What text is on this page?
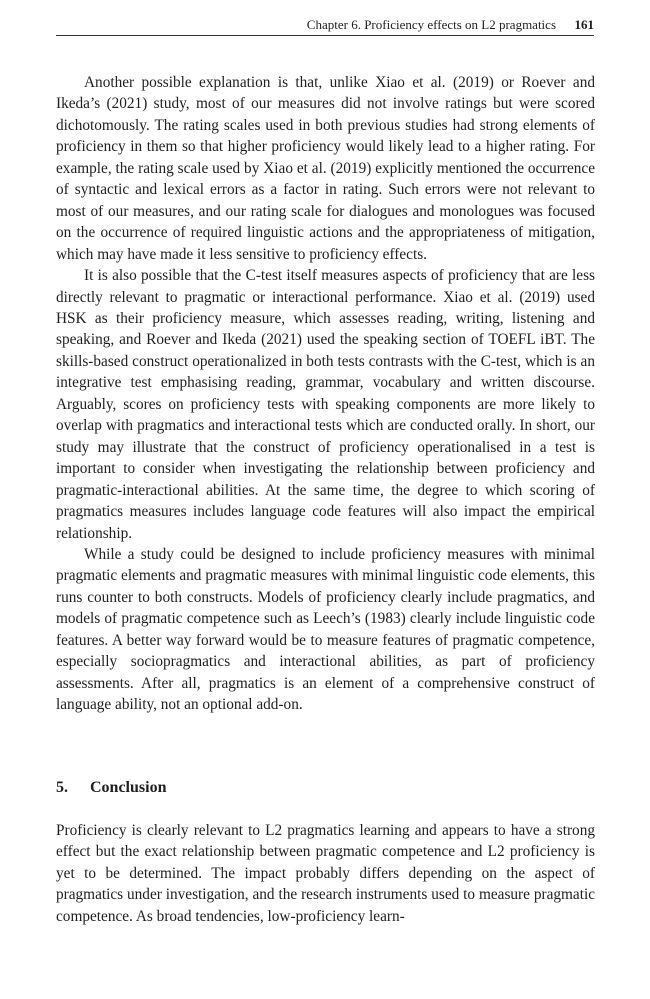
Chapter 6. Proficiency effects on L2 pragmatics 161

Another possible explanation is that, unlike Xiao et al. (2019) or Roever and Ikeda’s (2021) study, most of our measures did not involve ratings but were scored dichotomously. The rating scales used in both previous studies had strong elements of proficiency in them so that higher proficiency would likely lead to a higher rating. For example, the rating scale used by Xiao et al. (2019) explicitly mentioned the occurrence of syntactic and lexical errors as a factor in rating. Such errors were not relevant to most of our measures, and our rating scale for dialogues and monologues was focused on the occurrence of required linguistic actions and the appropriateness of mitigation, which may have made it less sensitive to proficiency effects.

It is also possible that the C-test itself measures aspects of proficiency that are less directly relevant to pragmatic or interactional performance. Xiao et al. (2019) used HSK as their proficiency measure, which assesses reading, writing, listening and speaking, and Roever and Ikeda (2021) used the speaking section of TOEFL iBT. The skills-based construct operationalized in both tests contrasts with the C-test, which is an integrative test emphasising reading, grammar, vocabulary and written discourse. Arguably, scores on proficiency tests with speaking components are more likely to overlap with pragmatics and interactional tests which are conducted orally. In short, our study may illustrate that the construct of proficiency operationalised in a test is important to consider when investigating the relationship between proficiency and pragmatic-interactional abilities. At the same time, the degree to which scoring of pragmatics measures includes language code features will also impact the empirical relationship.

While a study could be designed to include proficiency measures with minimal pragmatic elements and pragmatic measures with minimal linguistic code elements, this runs counter to both constructs. Models of proficiency clearly include pragmatics, and models of pragmatic competence such as Leech’s (1983) clearly include linguistic code features. A better way forward would be to measure features of pragmatic competence, especially sociopragmatics and interactional abilities, as part of proficiency assessments. After all, pragmatics is an element of a comprehensive construct of language ability, not an optional add-on.

5. Conclusion

Proficiency is clearly relevant to L2 pragmatics learning and appears to have a strong effect but the exact relationship between pragmatic competence and L2 proficiency is yet to be determined. The impact probably differs depending on the aspect of pragmatics under investigation, and the research instruments used to measure pragmatic competence. As broad tendencies, low-proficiency learn-
